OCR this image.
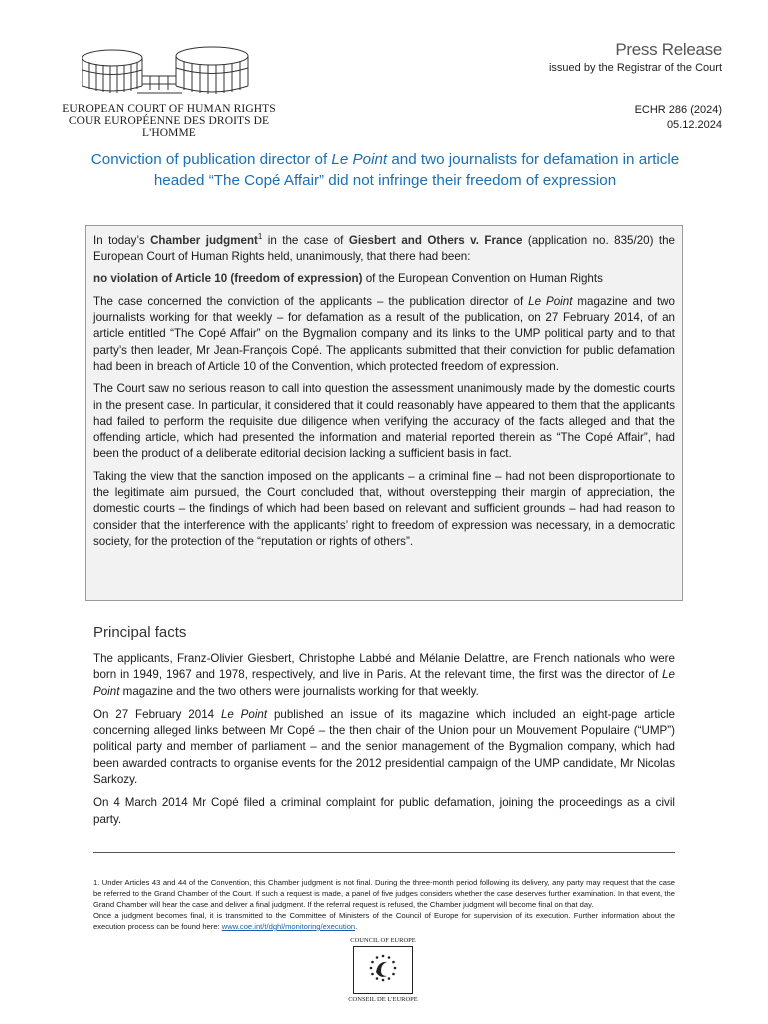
EUROPEAN COURT OF HUMAN RIGHTS
COUR EUROPÉENNE DES DROITS DE L'HOMME
Press Release
issued by the Registrar of the Court
ECHR 286 (2024)
05.12.2024
Conviction of publication director of Le Point and two journalists for defamation in article headed “The Copé Affair” did not infringe their freedom of expression

In today’s Chamber judgment$^1$ in the case of Giesbert and Others v. France (application no. 835/20) the European Court of Human Rights held, unanimously, that there had been:

no violation of Article 10 (freedom of expression) of the European Convention on Human Rights

The case concerned the conviction of the applicants – the publication director of Le Point magazine and two journalists working for that weekly – for defamation as a result of the publication, on 27 February 2014, of an article entitled “The Copé Affair” on the Bygmalion company and its links to the UMP political party and to that party’s then leader, Mr Jean-François Copé. The applicants submitted that their conviction for public defamation had been in breach of Article 10 of the Convention, which protected freedom of expression.

The Court saw no serious reason to call into question the assessment unanimously made by the domestic courts in the present case. In particular, it considered that it could reasonably have appeared to them that the applicants had failed to perform the requisite due diligence when verifying the accuracy of the facts alleged and that the offending article, which had presented the information and material reported therein as “The Copé Affair”, had been the product of a deliberate editorial decision lacking a sufficient basis in fact.

Taking the view that the sanction imposed on the applicants – a criminal fine – had not been disproportionate to the legitimate aim pursued, the Court concluded that, without overstepping their margin of appreciation, the domestic courts – the findings of which had been based on relevant and sufficient grounds – had had reason to consider that the interference with the applicants’ right to freedom of expression was necessary, in a democratic society, for the protection of the “reputation or rights of others”.

Principal facts

The applicants, Franz-Olivier Giesbert, Christophe Labbé and Mélanie Delattre, are French nationals who were born in 1949, 1967 and 1978, respectively, and live in Paris. At the relevant time, the first was the director of Le Point magazine and the two others were journalists working for that weekly.

On 27 February 2014 Le Point published an issue of its magazine which included an eight-page article concerning alleged links between Mr Copé – the then chair of the Union pour un Mouvement Populaire (“UMP”) political party and member of parliament – and the senior management of the Bygmalion company, which had been awarded contracts to organise events for the 2012 presidential campaign of the UMP candidate, Mr Nicolas Sarkozy.

On 4 March 2014 Mr Copé filed a criminal complaint for public defamation, joining the proceedings as a civil party.

1. Under Articles 43 and 44 of the Convention, this Chamber judgment is not final. During the three-month period following its delivery, any party may request that the case be referred to the Grand Chamber of the Court. If such a request is made, a panel of five judges considers whether the case deserves further examination. In that event, the Grand Chamber will hear the case and deliver a final judgment. If the referral request is refused, the Chamber judgment will become final on that day.
Once a judgment becomes final, it is transmitted to the Committee of Ministers of the Council of Europe for supervision of its execution. Further information about the execution process can be found here: www.coe.int/t/dghl/monitoring/execution.
COUNCIL OF EUROPE
CONSEIL DE L'EUROPE
